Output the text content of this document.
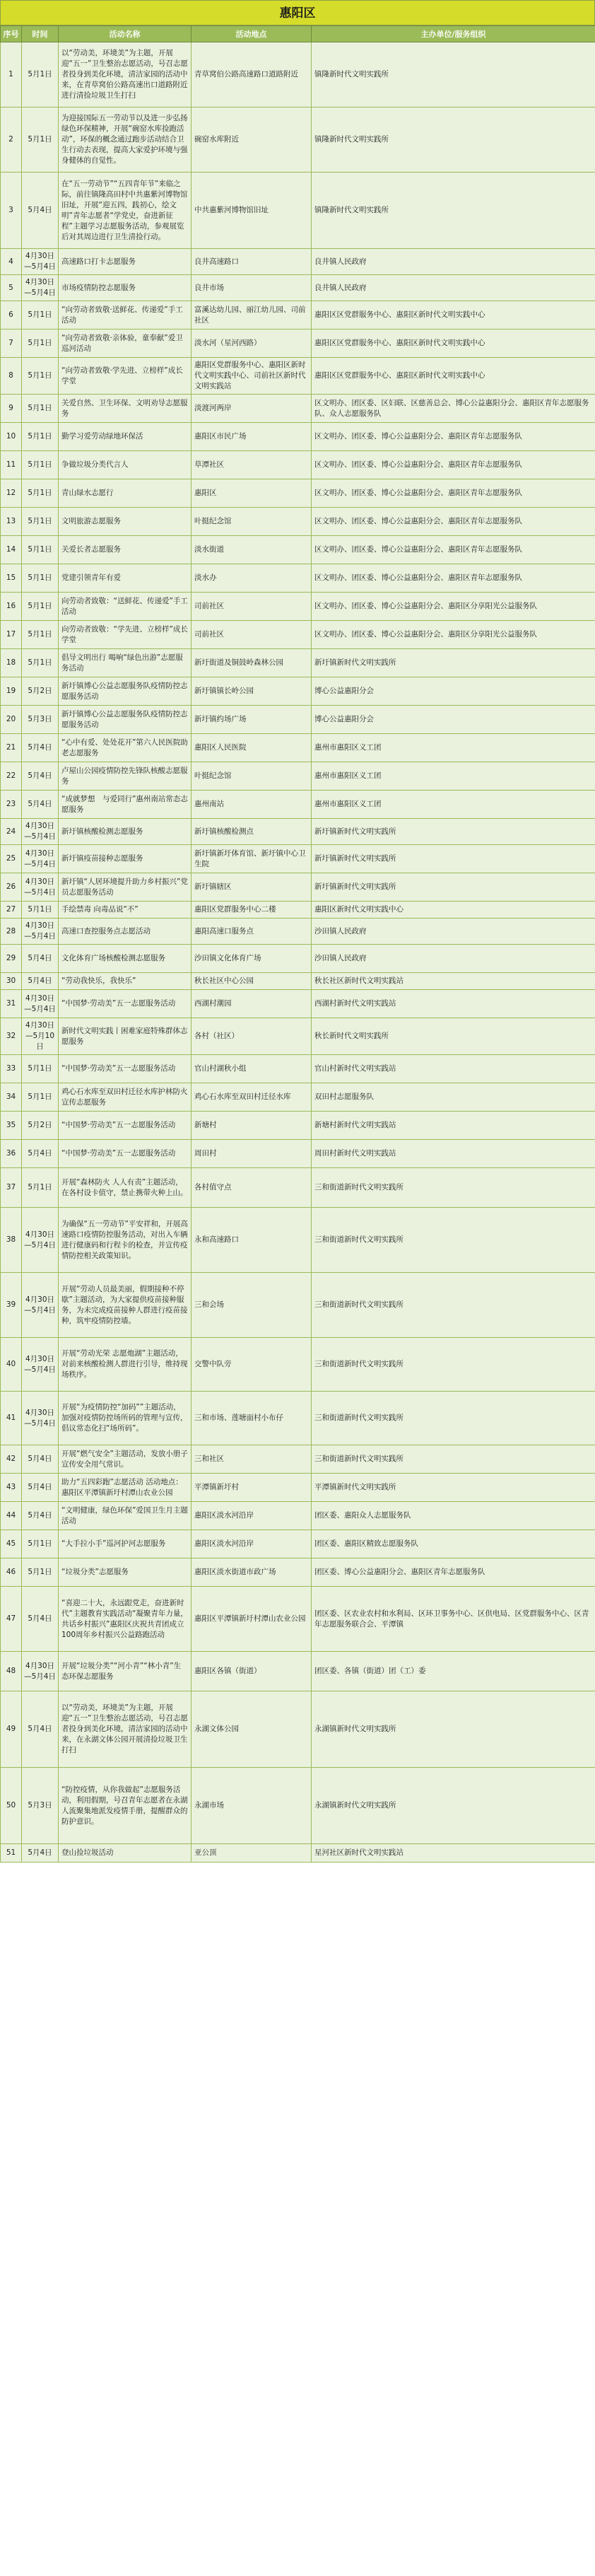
惠阳区
序号	时间	活动名称	活动地点	主办单位/服务组织
1	5月1日	以“劳动美，环境美”为主题，开展迎“五一”卫生整治志愿活动，号召志愿者投身到美化环境，清洁家园的活动中来，在青草窝伯公路高速出口道路附近进行清捡垃圾卫生打扫	青草窝伯公路高速路口道路附近	镇隆新时代文明实践所
2	5月1日	为迎接国际五一劳动节以及进一步弘扬绿色环保精神，开展“碗窑水库捡跑活动”，环保的概念通过跑步活动结合卫生行动去表现，提高大家爱护环境与强身健体的自觉性。	碗窑水库附近	镇隆新时代文明实践所
3	5月4日	在“五一劳动节”“五四青年节”来临之际，前往镇隆高田村中共惠紫河博物馆旧址，开展“迎五四，践初心，绘文明”青年志愿者“学党史，奋进新征程”主题学习志愿服务活动，参观展览后对其周边进行卫生清捡行动。	中共惠紫河博物馆旧址	镇隆新时代文明实践所
4	4月30日—5月4日	高速路口打卡志愿服务	良井高速路口	良井镇人民政府
5	4月30日—5月4日	市场疫情防控志愿服务	良井市场	良井镇人民政府
6	5月1日	“向劳动者致敬·送鲜花、传递爱”手工活动	富溪达幼儿园、丽江幼儿园、司前社区	惠阳区区党群服务中心、惠阳区新时代文明实践中心
7	5月1日	“向劳动者致敬·亲体验，童奉献”爱卫巡河活动	淡水河（星河西路）	惠阳区区党群服务中心、惠阳区新时代文明实践中心
8	5月1日	“向劳动者致敬·学先进、立榜样”成长学堂	惠阳区党群服务中心、惠阳区新时代文明实践中心、司前社区新时代文明实践站	惠阳区区党群服务中心、惠阳区新时代文明实践中心
9	5月1日	关爱自然、卫生环保、文明劝导志愿服务	淡渡河两岸	区文明办、团区委、区妇联、区慈善总会、博心公益惠阳分会、惠阳区青年志愿服务队、众人志愿服务队
10	5月1日	勤学习爱劳动绿地环保活	惠阳区市民广场	区文明办、团区委、博心公益惠阳分会、惠阳区青年志愿服务队
11	5月1日	争做垃圾分类代言人	草潭社区	区文明办、团区委、博心公益惠阳分会、惠阳区青年志愿服务队
12	5月1日	青山绿水志愿行	惠阳区	区文明办、团区委、博心公益惠阳分会、惠阳区青年志愿服务队
13	5月1日	文明旅游志愿服务	叶挺纪念馆	区文明办、团区委、博心公益惠阳分会、惠阳区青年志愿服务队
14	5月1日	关爱长者志愿服务	淡水街道	区文明办、团区委、博心公益惠阳分会、惠阳区青年志愿服务队
15	5月1日	党建引领青年有爱	淡水办	区文明办、团区委、博心公益惠阳分会、惠阳区青年志愿服务队
16	5月1日	向劳动者致敬：“送鲜花、传递爱”手工活动	司前社区	区文明办、团区委、博心公益惠阳分会、惠阳区分享阳光公益服务队
17	5月1日	向劳动者致敬：“学先进、立榜样”成长学堂	司前社区	区文明办、团区委、博心公益惠阳分会、惠阳区分享阳光公益服务队
18	5月1日	倡导文明出行 喝响“绿色出游”志愿服务活动	新圩街道及铜鼓岭森林公园	新圩镇新时代文明实践所
19	5月2日	新圩镇博心公益志愿服务队疫情防控志愿服务活动	新圩镇镇长岭公园	博心公益惠阳分会
20	5月3日	新圩镇博心公益志愿服务队疫情防控志愿服务活动	新圩镇约场广场	博心公益惠阳分会
21	5月4日	“心中有爱、处处花开”第六人民医院助老志愿服务	惠阳区人民医院	惠州市惠阳区义工团
22	5月4日	卢屋山公园疫情防控先锋队核酸志愿服务	叶挺纪念馆	惠州市惠阳区义工团
23	5月4日	“成就梦想　与爱同行”惠州南站常态志愿服务	惠州南站	惠州市惠阳区义工团
24	4月30日—5月4日	新圩镇核酸检测志愿服务	新圩镇核酸检测点	新圩镇新时代文明实践所
25	4月30日—5月4日	新圩镇疫苗接种志愿服务	新圩镇新圩体育馆、新圩镇中心卫生院	新圩镇新时代文明实践所
26	4月30日—5月4日	新圩镇“人居环境提升助力乡村振兴”党员志愿服务活动	新圩镇辖区	新圩镇新时代文明实践所
27	5月1日	手绘禁毒 向毒品说“不”	惠阳区党群服务中心二楼	惠阳区新时代文明实践中心
28	4月30日—5月4日	高速口查控服务点志愿活动	惠阳高速口服务点	沙田镇人民政府
29	5月4日	文化体育广场核酸检测志愿服务	沙田镇文化体育广场	沙田镇人民政府
30	5月4日	“劳动我快乐，我快乐”	秋长社区中心公园	秋长社区新时代文明实践站
31	4月30日—5月4日	“中国梦·劳动美”五一志愿服务活动	西湖村潮园	西湖村新时代文明实践站
32	4月30日—5月10日	新时代文明实践丨困难家庭特殊群体志愿服务	各村（社区）	秋长新时代文明实践所
33	5月1日	“中国梦·劳动美”五一志愿服务活动	官山村湖秋小组	官山村新时代文明实践站
34	5月1日	鸡心石水库至双田村迁径水库护林防火宣传志愿服务	鸡心石水库至双田村迁径水库	双田村志愿服务队
35	5月2日	“中国梦·劳动美”五一志愿服务活动	新塘村	新塘村新时代文明实践站
36	5月4日	“中国梦·劳动美”五一志愿服务活动	周田村	周田村新时代文明实践站
37	5月1日	开展“森林防火 人人有责”主题活动，在各村设卡值守，禁止携带火种上山。	各村值守点	三和街道新时代文明实践所
38	4月30日—5月4日	为确保“五一劳动节”平安祥和，开展高速路口疫情防控服务活动，对出入车辆进行健康码和行程卡的检查，并宣传疫情防控相关政策知识。	永和高速路口	三和街道新时代文明实践所
39	4月30日—5月4日	开展“劳动人员最美丽，假期接种不停歇”主题活动，为大家提供疫苗接种服务，为未完成疫苗接种人群进行疫苗接种，筑牢疫情防控墙。	三和会场	三和街道新时代文明实践所
40	4月30日—5月4日	开展“劳动光荣 志愿炮湖”主题活动，对前来核酸检测人群进行引导，维持现场秩序。	交警中队旁	三和街道新时代文明实践所
41	4月30日—5月4日	开展“为疫情防控“加码””主题活动，加强对疫情防控场所码的管理与宣传，倡议常态化扫“场所码”。	三和市场、莲塘面村小布仔	三和街道新时代文明实践所
42	5月4日	开展“燃气安全”主题活动，发放小册子宣传安全用气常识。	三和社区	三和街道新时代文明实践所
43	5月4日	助力“五四彩跑”志愿活动 活动地点：惠阳区平潭镇新圩村潭山农业公园	平潭镇新圩村	平潭镇新时代文明实践所
44	5月4日	“文明健康，绿色环保”爱国卫生月主题活动	惠阳区淡水河沿岸	团区委、惠阳众人志愿服务队
45	5月1日	“大手拉小手”巡河护河志愿服务	惠阳区淡水河沿岸	团区委、惠阳区精致志愿服务队
46	5月1日	“垃圾分类”志愿服务	惠阳区淡水街道市政广场	团区委、博心公益惠阳分会、惠阳区青年志愿服务队
47	5月4日	“喜迎二十大，永远跟党走，奋进新时代”主题教育实践活动“凝聚青年力量，共话乡村振兴”惠阳区庆祝共青团成立100周年乡村振兴公益路跑活动	惠阳区平潭镇新圩村潭山农业公园	团区委、区农业农村和水利局、区环卫事务中心、区供电局、区党群服务中心、区青年志愿服务联合会、平潭镇
48	4月30日—5月4日	开展“垃圾分类”“河小青”“林小青”生态环保志愿服务	惠阳区各镇（街道）	团区委、各镇（街道）团（工）委
49	5月4日	以“劳动美，环境美”为主题，开展迎“五一”卫生整治志愿活动，号召志愿者投身到美化环境，清洁家园的活动中来，在永湖文体公园开展清捡垃圾卫生打扫	永湖文体公园	永湖镇新时代文明实践所
50	5月3日	“防控疫情，从你我做起”志愿服务活动，利用假期，号召青年志愿者在永湖人流聚集地派发疫情手册，提醒群众的防护意识。	永湖市场	永湖镇新时代文明实践所
51	5月4日	登山捡垃圾活动	亚公顶	星河社区新时代文明实践站
